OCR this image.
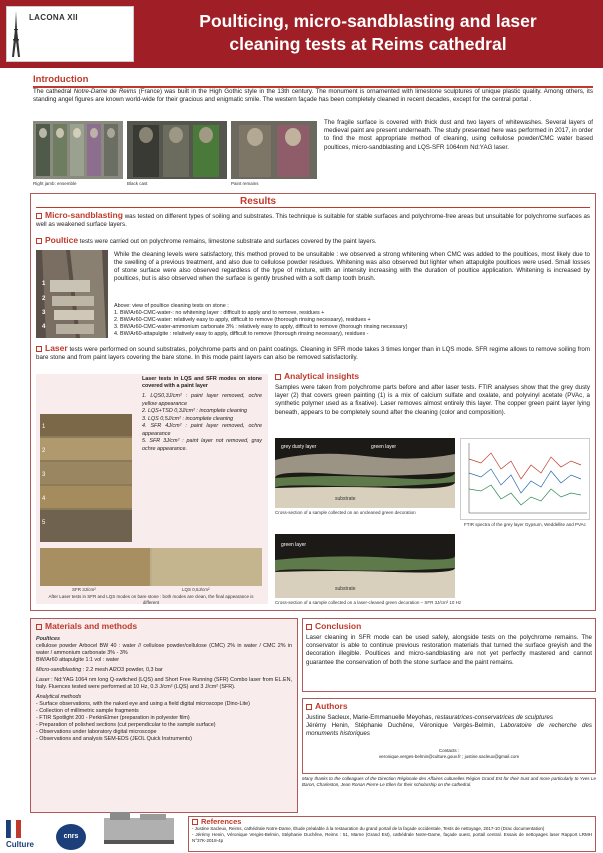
LACONA XII	Poulticing, micro-sandblasting and laser
cleaning tests at Reims cathedral
Introduction
The cathedral Notre-Dame de Reims (France) was built in the High Gothic style in the 13th century. The monument is ornamented with limestone sculptures of unique plastic quality. Among others, its standing angel figures are known world-wide for their gracious and enigmatic smile. The western façade has been completely cleaned in recent decades, except for the central portal .
Right jamb: ensemble	Black cast	Paint remains
The fragile surface is covered with thick dust and two layers of whitewashes. Several layers of medieval paint are present underneath. The study presented here was performed in 2017, in order to find the most appropriate method of cleaning, using cellulose powder/CMC water based poultices, micro-sandblasting and LQS-SFR 1064nm Nd:YAG laser.
Results
Micro-sandblasting was tested on different types of soiling and substrates. This technique is suitable for stable surfaces and polychrome-free areas but unsuitable for polychrome surfaces as well as weakened surface layers.
Poultice tests were carried out on polychrome remains, limestone substrate and surfaces covered by the paint layers.
1
2
3
4
While the cleaning levels were satisfactory, this method proved to be unsuitable : we observed a strong whitening when CMC was added to the poultices, most likely due to the swelling of a previous treatment, and also due to cellulose powder residues. Whitening was also observed but lighter when attapulgite poultices were used. Small losses of stone surface were also observed regardless of the type of mixture, with an intensity increasing with the duration of poultice application. Whitening is increased by poultices, but is also observed when the surface is gently brushed with a soft damp tooth brush.
Above: view of poultice cleaning tests on stone :
1. BW/Ar60-CMC-water-: no whitening layer : difficult to apply and to remove, residues +
2. BW/Ar60-CMC-water: relatively easy to apply, difficult to remove (thorough rinsing necessary), residues +
3. BW/Ar60-CMC-water-ammonium carbonate 3% : relatively easy to apply, difficult to remove (thorough rinsing necessary)
4. BW/Ar60-attapulgite : relatively easy to apply, difficult to remove (thorough rinsing necessary), residues -
Laser tests were performed on sound substrates, polychrome parts and on paint coatings. Cleaning in SFR mode takes 3 times longer than in LQS mode. SFR regime allows to remove soiling from bare stone and from paint layers covering the bare stone. In this mode paint layers can also be removed satisfactorily.
1
2
3
4
5
Laser tests in LQS and SFR modes on stone covered with a paint layer
1. LQS0,3J/cm² : paint layer removed, ochre yellow appearance
2. LQS+TSD 0,3J/cm² : incomplete cleaning
3. LQS 0,5J/cm² : incomplete cleaning
4. SFR 4J/cm² : paint layer removed, ochre appearance
5. SFR 3J/cm² : paint layer not removed, gray ochre appearance.
SFR 3J/cm²	LQS 0,5J/cm²
After Laser tests in SFR and LQS modes on bare stone : both modes are clean, the final appearance is different
Analytical insights
Samples were taken from polychrome parts before and after laser tests. FTIR analyses show that the grey dusty layer (2) that covers green painting (1) is a mix of calcium sulfate and oxalate, and polyvinyl acetate (PVAc, a synthetic polymer used as a fixative). Laser removes almost entirely this layer. The copper green paint layer lying beneath, appears to be completely sound after the cleaning (color and composition).
grey dusty layer	green layer
substrate
Cross-section of a sample collected on an uncleaned green decoration
FTIR spectra of the grey layer Gypsum, Weddellite and PVAc
green layer
substrate
Cross-section of a sample collected on a laser-cleaned green decoration – SFR 3J/cm² 10 Hz
Materials and methods
Poultices
cellulose powder Arbocel BW 40 : water // cellulose powder/cellulose (CMC) 2% in water / CMC 2% in water / ammonium carbonate 3% - 3%
BW/Ar60 attapulgite 1:1 vol : water
Micro-sandblasting : 2.2 mesh Al2O3 powder, 0,3 bar
Laser : Nd:YAG 1064 nm long Q-switched (LQS) and Short Free Running (SFR) Combo laser from EL.EN, Italy. Fluences tested were performed at 10 Hz, 0.3 J/cm² (LQS) and 3 J/cm² (SFR).
Analytical methods
- Surface observations, with the naked eye and using a field digital microscope (Dino-Lite)
- Collection of millimetric sample fragments
- FTIR Spotlight 200 - PerkinElmer (preparation in polyester film)
- Preparation of polished sections (cut perpendicular to the sample surface)
- Observations under laboratory digital microscope
- Observations and analysis SEM-EDS (JEOL Quick Instruments)
Conclusion
Laser cleaning in SFR mode can be used safely, alongside tests on the polychrome remains. The conservator is able to continue previous restoration materials that turned the surface greyish and the decoration illegible. Poultices and micro-sandblasting are not yet perfectly mastered and cannot guarantee the conservation of both the stone surface and the paint remains.
Authors
Justine Sacleux, Marie-Emmanuelle Meyohas, restauratrices-conservatrices de sculptures
Jérémy Henin, Stéphanie Duchêne, Véronique Vergès-Belmin, Laboratoire de recherche des monuments historiques
Contacts :
veronique.verges-belmin@culture.gouv.fr ; justine.sacleux@gmail.com
Many thanks to the colleagues of the Direction Régionale des Affaires culturelles Région Grand Est for their trust and more particularly to Yves Le Baron, Charleston, Jean Ronan Pierre-Le Ellen for their scholarship on the cathedral.
References
- Justine Sacleux, Reims, cathédrale Notre-Dame, Étude préalable à la restauration du grand portail de la façade occidentale, Tests de nettoyage, 2017-10 (Drac documentation)
- Jérémy Henin, Véronique Vergès-Belmin, Stéphanie Duchêne, Reims : 51, Marne (Grand Est), cathédrale Notre-Dame, façade ouest, portail central. Essais de nettoyages laser Rapport LRMH N°37K-2018-4p
Culture
cnrs
